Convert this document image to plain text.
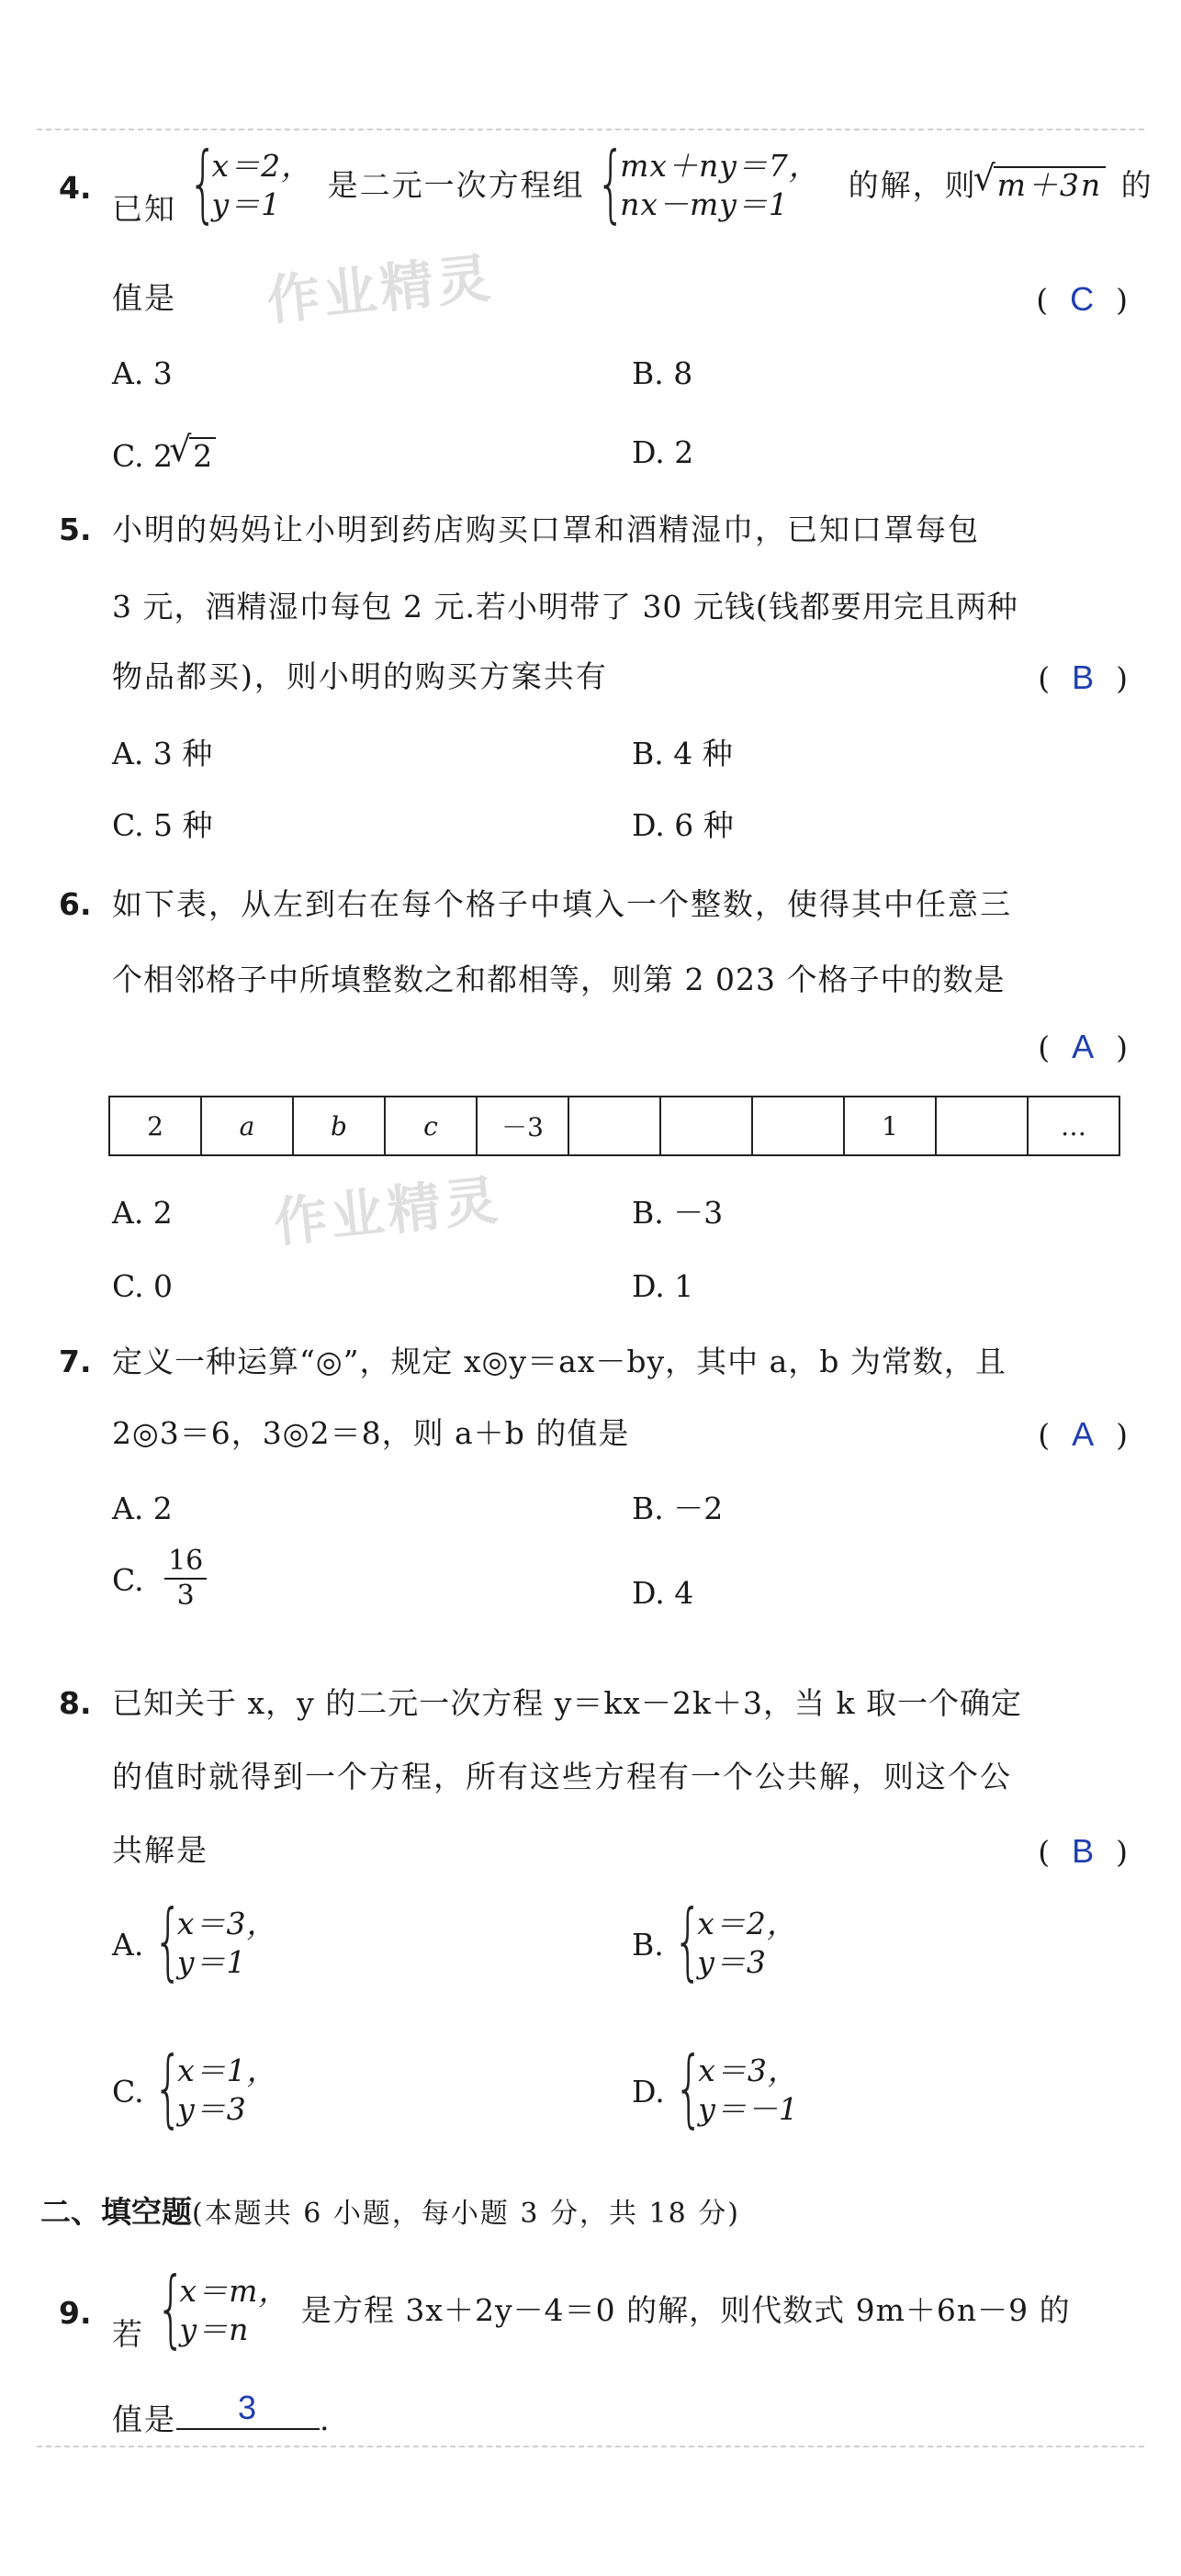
4.
已知 {
x＝2，
y＝1
是二元一次方程组 {
mx＋ny＝7，
nx－my＝1
的解，则 √ m＋3n 的
值是 作业精灵	( C )
A. 3	B. 8
C. 2 √ 2	D. 2
5. 小明的妈妈让小明到药店购买口罩和酒精湿巾，已知口罩每包
3 元，酒精湿巾每包 2 元.若小明带了 30 元钱(钱都要用完且两种
物品都买)，则小明的购买方案共有	( B )
A. 3 种	B. 4 种
C. 5 种	D. 6 种
6. 如下表，从左到右在每个格子中填入一个整数，使得其中任意三
个相邻格子中所填整数之和都相等，则第 2 023 个格子中的数是
( A )
2	a	b	c	－3				1		…
A. 2 作业精灵	B. －3
C. 0	D. 1
7. 定义一种运算“◎”，规定 x◎y＝ax－by，其中 a，b 为常数，且
2◎3＝6，3◎2＝8，则 a＋b 的值是	( A )
A. 2	B. －2
C. $\frac{16}{3}$	D. 4
8. 已知关于 x，y 的二元一次方程 y＝kx－2k＋3，当 k 取一个确定
的值时就得到一个方程，所有这些方程有一个公共解，则这个公
共解是	( B )
A. {
x＝3，
y＝1	B. {
x＝2，
y＝3
C. {
x＝1，
y＝3	D. {
x＝3，
y＝－1
二、填空题(本题共 6 小题，每小题 3 分，共 18 分)
9.
若 {
x＝m，
y＝n
是方程 3x＋2y－4＝0 的解，则代数式 9m＋6n－9 的
值是	3	.
